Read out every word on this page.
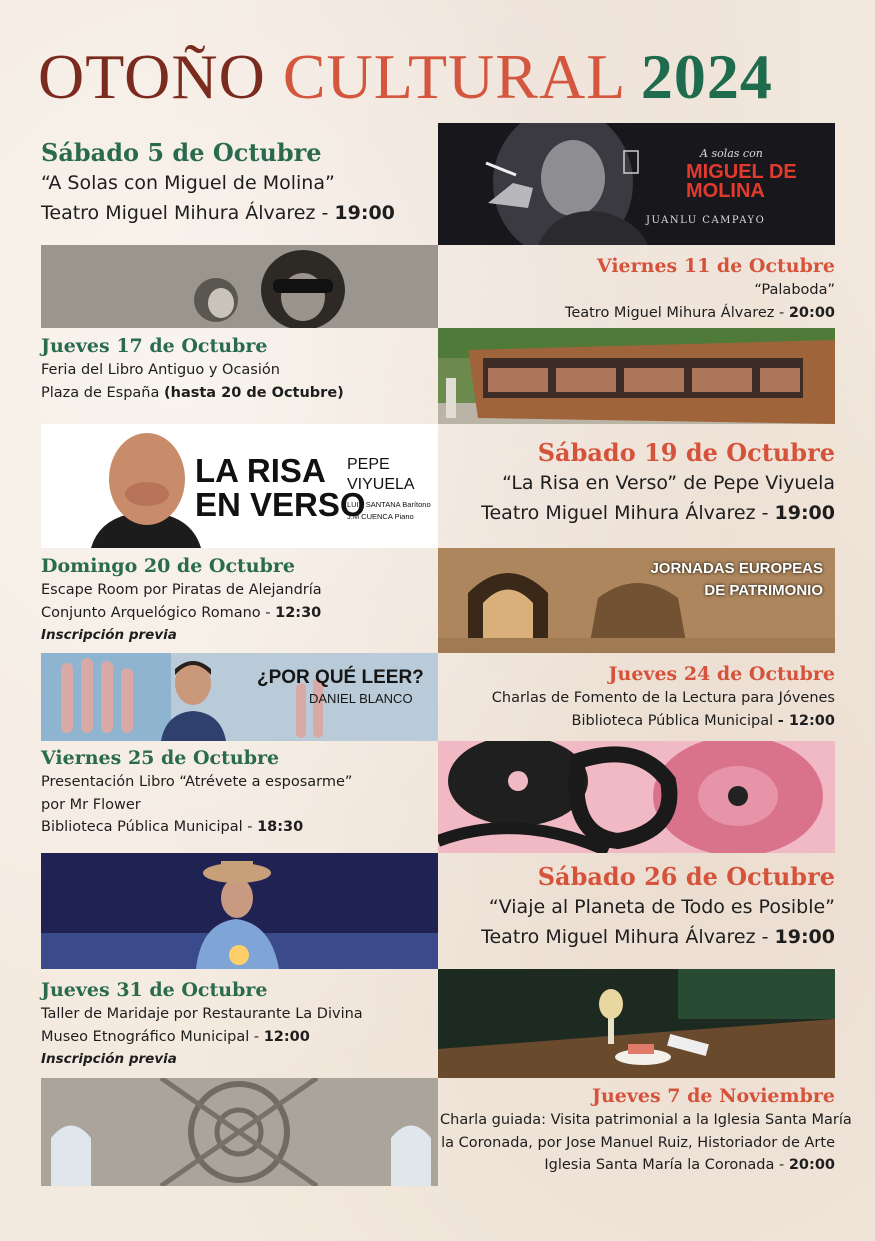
OTOÑO CULTURAL 2024
Sábado 5 de Octubre
“A Solas con Miguel de Molina”
Teatro Miguel Mihura Álvarez - 19:00
A solas con
MIGUEL DE
MOLINA
JUANLU CAMPAYO
Viernes 11 de Octubre
“Palaboda”
Teatro Miguel Mihura Álvarez - 20:00
Jueves 17 de Octubre
Feria del Libro Antiguo y Ocasión
Plaza de España (hasta 20 de Octubre)
LA RISA
EN VERSO
PEPE
VIYUELA
LUIS SANTANA Barítono
J.M CUENCA Piano
Sábado 19 de Octubre
“La Risa en Verso” de Pepe Viyuela
Teatro Miguel Mihura Álvarez - 19:00
Domingo 20 de Octubre
Escape Room por Piratas de Alejandría
Conjunto Arquelógico Romano - 12:30
Inscripción previa
JORNADAS EUROPEAS
DE PATRIMONIO
¿POR QUÉ LEER?
DANIEL BLANCO
Jueves 24 de Octubre
Charlas de Fomento de la Lectura para Jóvenes
Biblioteca Pública Municipal - 12:00
Viernes 25 de Octubre
Presentación Libro “Atrévete a esposarme”
por Mr Flower
Biblioteca Pública Municipal - 18:30
Sábado 26 de Octubre
“Viaje al Planeta de Todo es Posible”
Teatro Miguel Mihura Álvarez - 19:00
Jueves 31 de Octubre
Taller de Maridaje por Restaurante La Divina
Museo Etnográfico Municipal - 12:00
Inscripción previa
Jueves 7 de Noviembre
Charla guiada: Visita patrimonial a la Iglesia Santa María
la Coronada, por Jose Manuel Ruiz, Historiador de Arte
Iglesia Santa María la Coronada - 20:00
